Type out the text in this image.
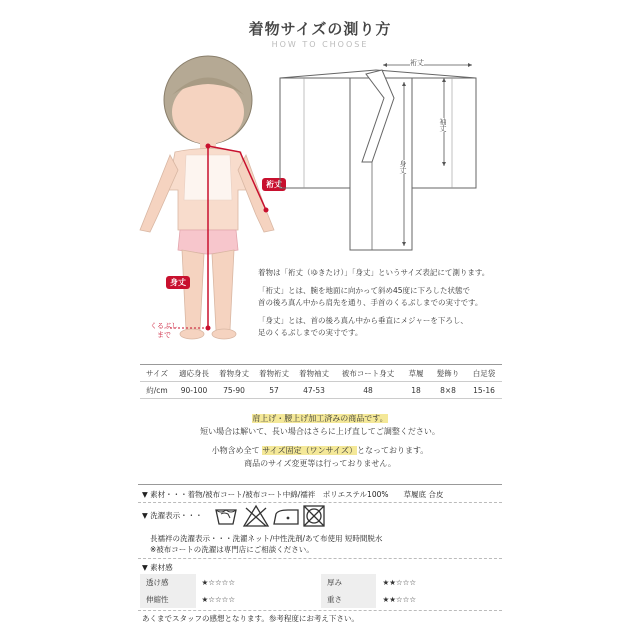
着物サイズの測り方
HOW TO CHOOSE
裄丈
身丈
くるぶし
まで
裄丈
袖丈
身丈
着物は「裄丈（ゆきたけ）」「身丈」というサイズ表記にて測ります。
「裄丈」とは、腕を地面に向かって斜め45度に下ろした状態で
首の後ろ真ん中から肩先を通り、手首のくるぶしまでの実寸です。
「身丈」とは、首の後ろ真ん中から垂直にメジャーを下ろし、
足のくるぶしまでの実寸です。
サイズ	適応身長	着物身丈	着物裄丈	着物袖丈	被布コート身丈	草履	髪飾り	白足袋
約/cm	90-100	75-90	57	47-53	48	18	8×8	15-16
肩上げ・腰上げ加工済みの商品です。
短い場合は解いて、長い場合はさらに上げ直してご調整ください。
小物含め全て サイズ固定（ワンサイズ）となっております。
商品のサイズ変更等は行っておりません。
▼ 素材・・・着物/被布コート/被布コート中綿/襦袢　ポリエステル100%　　草履底 合皮
▼ 洗濯表示・・・
長襦袢の洗濯表示・・・洗濯ネット/中性洗剤/あて布使用 短時間脱水
※被布コートの洗濯は専門店にご相談ください。
▼ 素材感
透け感	★☆☆☆☆	厚み	★★☆☆☆
伸縮性	★☆☆☆☆	重さ	★★☆☆☆
あくまでスタッフの感想となります。参考程度にお考え下さい。
